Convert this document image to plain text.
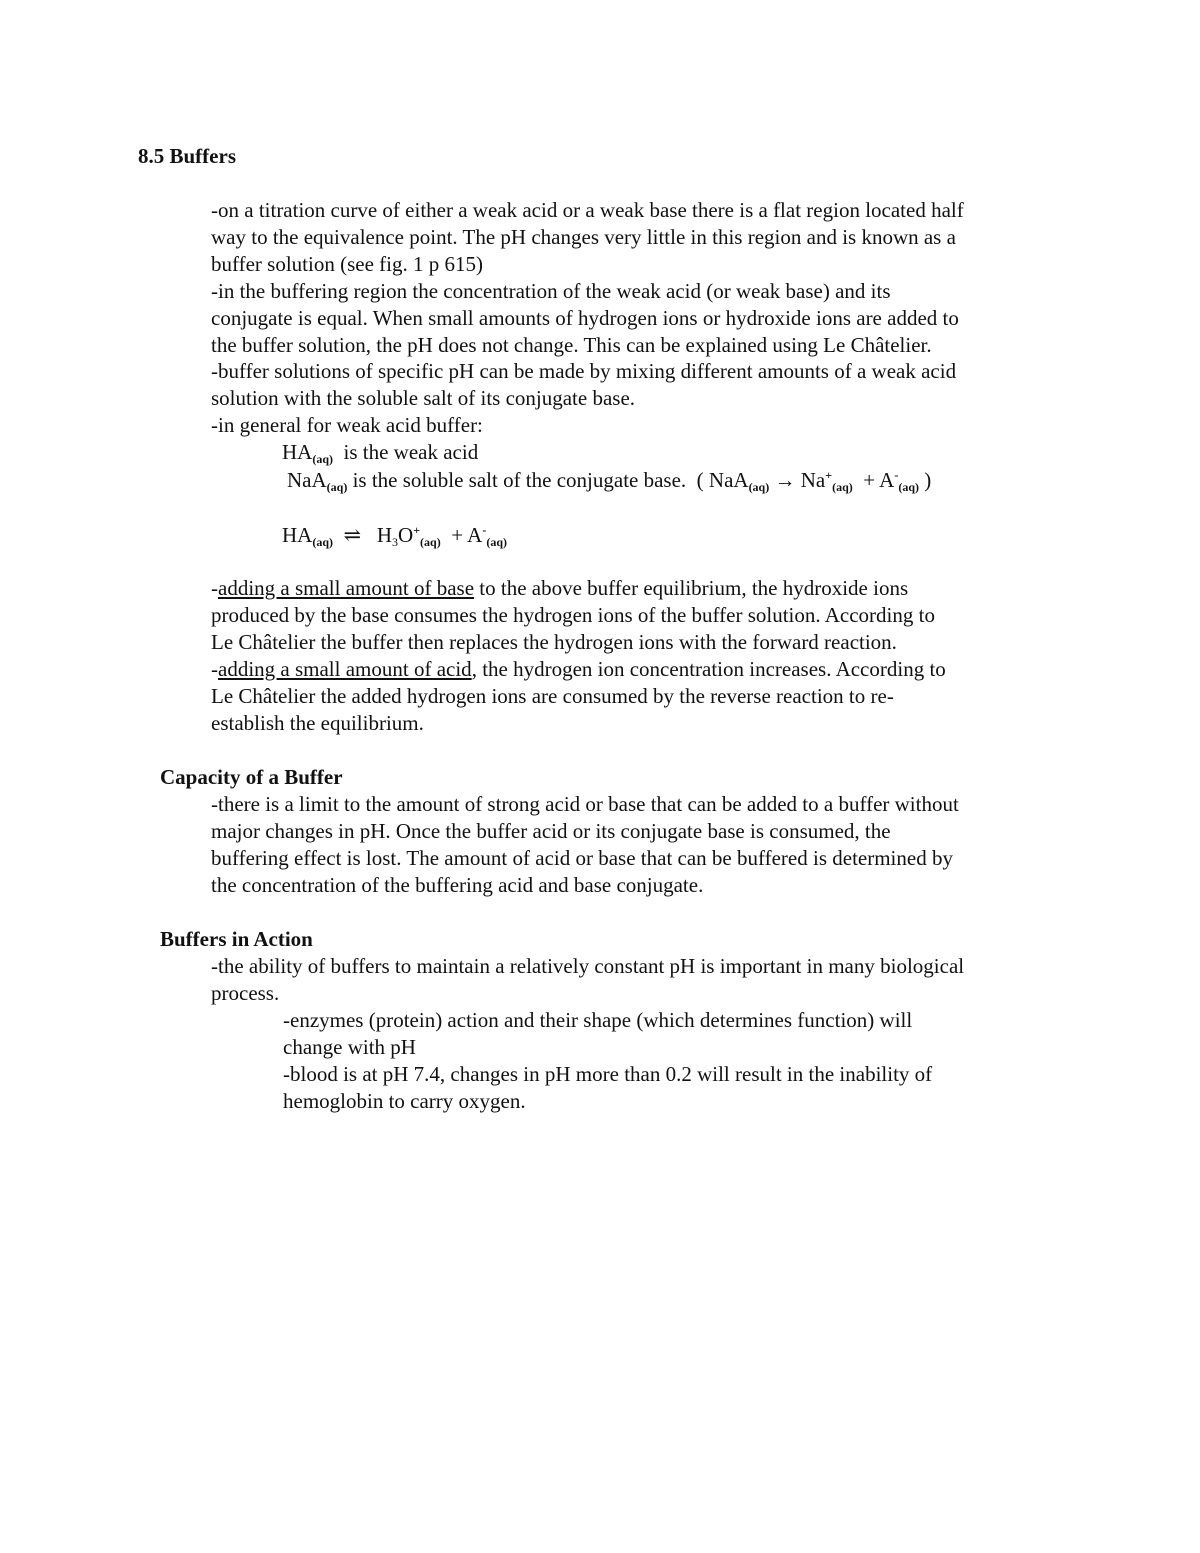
8.5 Buffers

-on a titration curve of either a weak acid or a weak base there is a flat region located half

way to the equivalence point. The pH changes very little in this region and is known as a

buffer solution (see fig. 1 p 615)

-in the buffering region the concentration of the weak acid (or weak base) and its

conjugate is equal. When small amounts of hydrogen ions or hydroxide ions are added to

the buffer solution, the pH does not change. This can be explained using Le Châtelier.

-buffer solutions of specific pH can be made by mixing different amounts of a weak acid

solution with the soluble salt of its conjugate base.

-in general for weak acid buffer:

$HA_{(aq)}$  is the weak acid
NaA$_{(aq)}$ is the soluble salt of the conjugate base.  ( $NaA_{(aq)} \to Na^+_{(aq)} + A^-_{(aq)}$ )
$HA_{(aq)}$  ⇌   $H_3O^+_{(aq)} + A^-_{(aq)}$

-adding a small amount of base to the above buffer equilibrium, the hydroxide ions

produced by the base consumes the hydrogen ions of the buffer solution. According to

Le Châtelier the buffer then replaces the hydrogen ions with the forward reaction.

-adding a small amount of acid, the hydrogen ion concentration increases. According to

Le Châtelier the added hydrogen ions are consumed by the reverse reaction to re-

establish the equilibrium.

Capacity of a Buffer

-there is a limit to the amount of strong acid or base that can be added to a buffer without

major changes in pH. Once the buffer acid or its conjugate base is consumed, the

buffering effect is lost. The amount of acid or base that can be buffered is determined by

the concentration of the buffering acid and base conjugate.

Buffers in Action

-the ability of buffers to maintain a relatively constant pH is important in many biological

process.

-enzymes (protein) action and their shape (which determines function) will

change with pH

-blood is at pH 7.4, changes in pH more than 0.2 will result in the inability of

hemoglobin to carry oxygen.
